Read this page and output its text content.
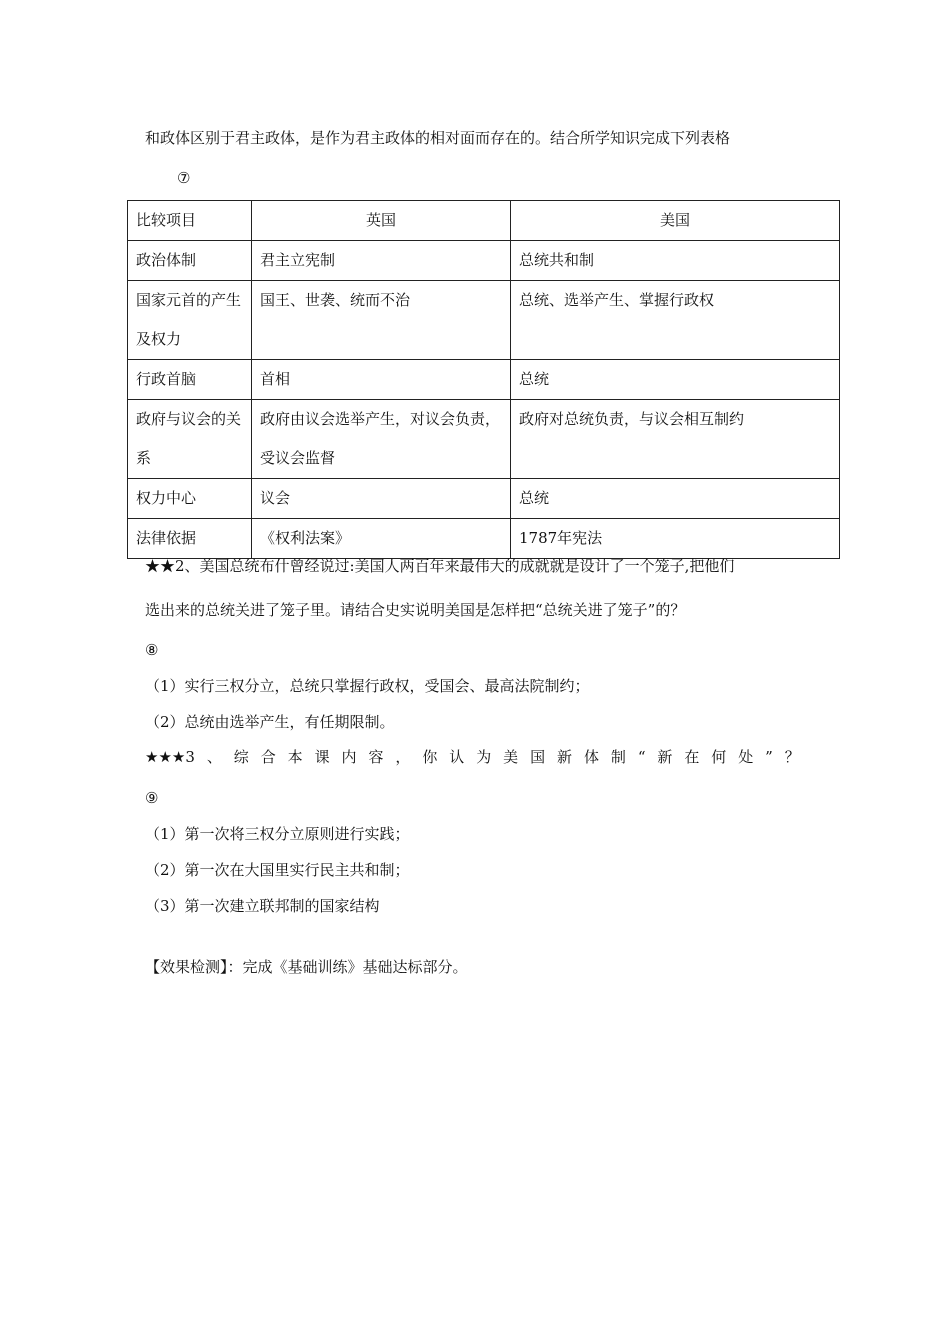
和政体区别于君主政体，是作为君主政体的相对面而存在的。结合所学知识完成下列表格
⑦
比较项目	英国	美国
政治体制	君主立宪制	总统共和制
国家元首的产生及权力	国王、世袭、统而不治	总统、选举产生、掌握行政权
行政首脑	首相	总统
政府与议会的关系	政府由议会选举产生，对议会负责，受议会监督	政府对总统负责，与议会相互制约
权力中心	议会	总统
法律依据	《权利法案》	1787年宪法
★★2、美国总统布什曾经说过:美国人两百年来最伟大的成就就是设计了一个笼子,把他们
选出来的总统关进了笼子里。请结合史实说明美国是怎样把“总统关进了笼子”的？
⑧
（1）实行三权分立，总统只掌握行政权，受国会、最高法院制约；
（2）总统由选举产生，有任期限制。
★★★3 、 综 合 本 课 内 容 ， 你 认 为 美 国 新 体 制 “ 新 在 何 处 ” ？
⑨
（1）第一次将三权分立原则进行实践；
（2）第一次在大国里实行民主共和制；
（3）第一次建立联邦制的国家结构
【效果检测】：完成《基础训练》基础达标部分。
